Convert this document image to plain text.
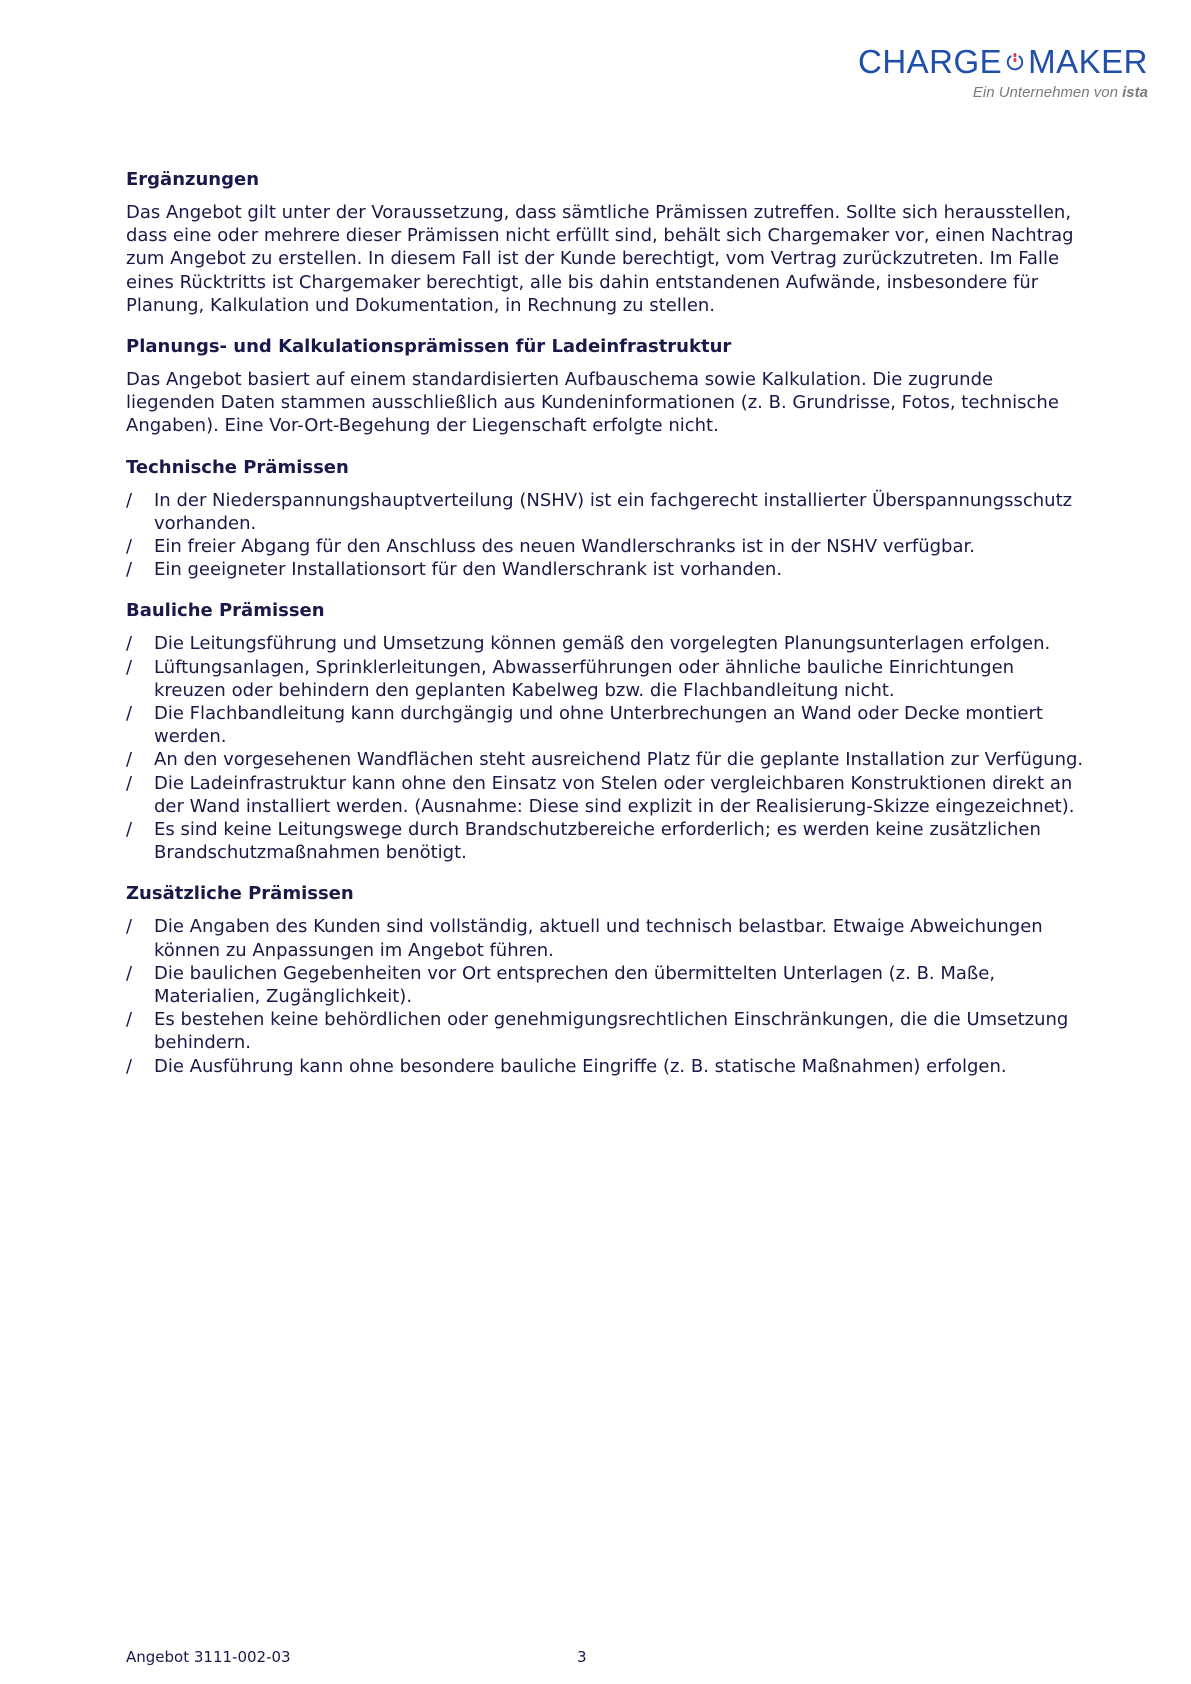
CHARGE MAKER
Ein Unternehmen von ista
Ergänzungen

Das Angebot gilt unter der Voraussetzung, dass sämtliche Prämissen zutreffen. Sollte sich herausstellen, dass eine oder mehrere dieser Prämissen nicht erfüllt sind, behält sich Chargemaker vor, einen Nachtrag zum Angebot zu erstellen. In diesem Fall ist der Kunde berechtigt, vom Vertrag zurückzutreten. Im Falle eines Rücktritts ist Chargemaker berechtigt, alle bis dahin entstandenen Aufwände, insbesondere für Planung, Kalkulation und Dokumentation, in Rechnung zu stellen.

Planungs- und Kalkulationsprämissen für Ladeinfrastruktur

Das Angebot basiert auf einem standardisierten Aufbauschema sowie Kalkulation. Die zugrunde liegenden Daten stammen ausschließlich aus Kundeninformationen (z. B. Grundrisse, Fotos, technische Angaben). Eine Vor-Ort-Begehung der Liegenschaft erfolgte nicht.

Technische Prämissen
/ In der Niederspannungshauptverteilung (NSHV) ist ein fachgerecht installierter Überspannungsschutz vorhanden.
/ Ein freier Abgang für den Anschluss des neuen Wandlerschranks ist in der NSHV verfügbar.
/ Ein geeigneter Installationsort für den Wandlerschrank ist vorhanden.
Bauliche Prämissen
/ Die Leitungsführung und Umsetzung können gemäß den vorgelegten Planungsunterlagen erfolgen.
/ Lüftungsanlagen, Sprinklerleitungen, Abwasserführungen oder ähnliche bauliche Einrichtungen kreuzen oder behindern den geplanten Kabelweg bzw. die Flachbandleitung nicht.
/ Die Flachbandleitung kann durchgängig und ohne Unterbrechungen an Wand oder Decke montiert werden.
/ An den vorgesehenen Wandflächen steht ausreichend Platz für die geplante Installation zur Verfügung.
/ Die Ladeinfrastruktur kann ohne den Einsatz von Stelen oder vergleichbaren Konstruktionen direkt an der Wand installiert werden. (Ausnahme: Diese sind explizit in der Realisierung-Skizze eingezeichnet).
/ Es sind keine Leitungswege durch Brandschutzbereiche erforderlich; es werden keine zusätzlichen Brandschutzmaßnahmen benötigt.
Zusätzliche Prämissen
/ Die Angaben des Kunden sind vollständig, aktuell und technisch belastbar. Etwaige Abweichungen können zu Anpassungen im Angebot führen.
/ Die baulichen Gegebenheiten vor Ort entsprechen den übermittelten Unterlagen (z. B. Maße, Materialien, Zugänglichkeit).
/ Es bestehen keine behördlichen oder genehmigungsrechtlichen Einschränkungen, die die Umsetzung behindern.
/ Die Ausführung kann ohne besondere bauliche Eingriffe (z. B. statische Maßnahmen) erfolgen.
Angebot 3111-002-03	3
